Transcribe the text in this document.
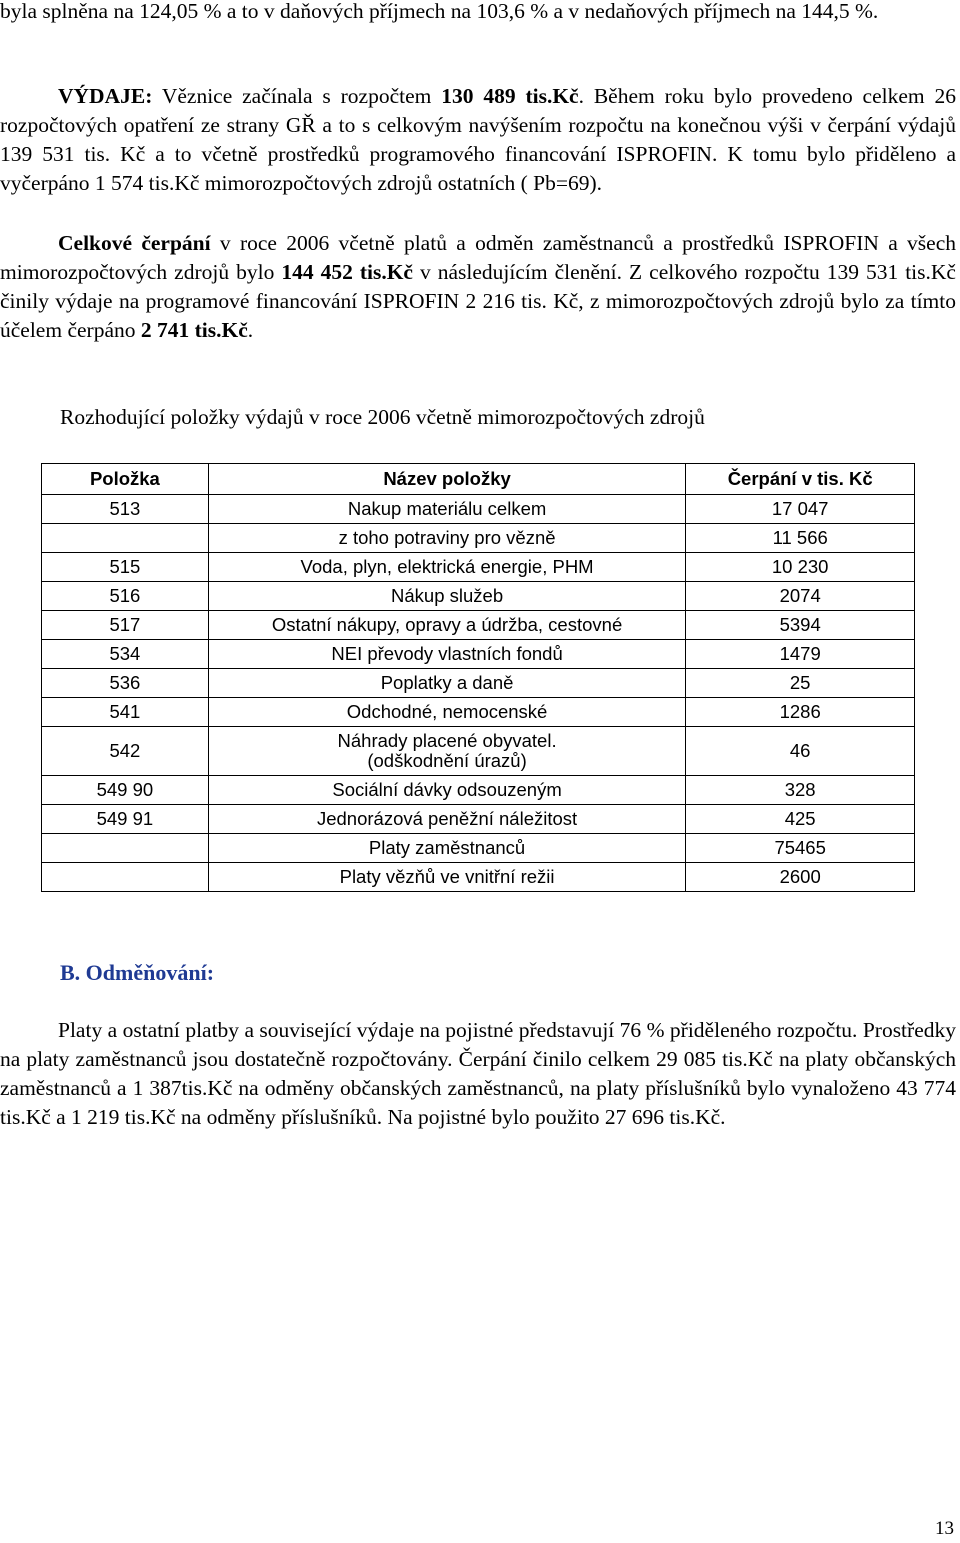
byla splněna na 124,05 % a to v daňových příjmech na 103,6 % a v nedaňových příjmech na 144,5 %.

VÝDAJE: Věznice začínala s rozpočtem 130 489 tis.Kč. Během roku bylo provedeno celkem 26 rozpočtových opatření ze strany GŘ a to s celkovým navýšením rozpočtu na konečnou výši v čerpání výdajů 139 531 tis. Kč a to včetně prostředků programového financování ISPROFIN. K tomu bylo přiděleno a vyčerpáno 1 574 tis.Kč mimorozpočtových zdrojů ostatních ( Pb=69).

Celkové čerpání v roce 2006 včetně platů a odměn zaměstnanců a prostředků ISPROFIN a všech mimorozpočtových zdrojů bylo 144 452 tis.Kč v následujícím členění. Z celkového rozpočtu 139 531 tis.Kč činily výdaje na programové financování ISPROFIN 2 216 tis. Kč, z mimorozpočtových zdrojů bylo za tímto účelem čerpáno 2 741 tis.Kč.

Rozhodující položky výdajů v roce 2006 včetně mimorozpočtových zdrojů

Položka	Název položky	Čerpání v tis. Kč
513	Nakup materiálu celkem	17 047
	z toho potraviny pro vězně	11 566
515	Voda, plyn, elektrická energie, PHM	10 230
516	Nákup služeb	2074
517	Ostatní nákupy, opravy a údržba, cestovné	5394
534	NEI převody vlastních fondů	1479
536	Poplatky a daně	25
541	Odchodné, nemocenské	1286
542	Náhrady placené obyvatel. (odškodnění úrazů)	46
549 90	Sociální dávky odsouzeným	328
549 91	Jednorázová peněžní náležitost	425
	Platy zaměstnanců	75465
	Platy vězňů ve vnitřní režii	2600

B. Odměňování:

Platy a ostatní platby a související výdaje na pojistné představují 76 % přiděleného rozpočtu. Prostředky na platy zaměstnanců jsou dostatečně rozpočtovány. Čerpání činilo celkem 29 085 tis.Kč na platy občanských zaměstnanců a 1 387tis.Kč na odměny občanských zaměstnanců, na platy příslušníků bylo vynaloženo 43 774 tis.Kč a 1 219 tis.Kč na odměny příslušníků. Na pojistné bylo použito 27 696 tis.Kč.

13
